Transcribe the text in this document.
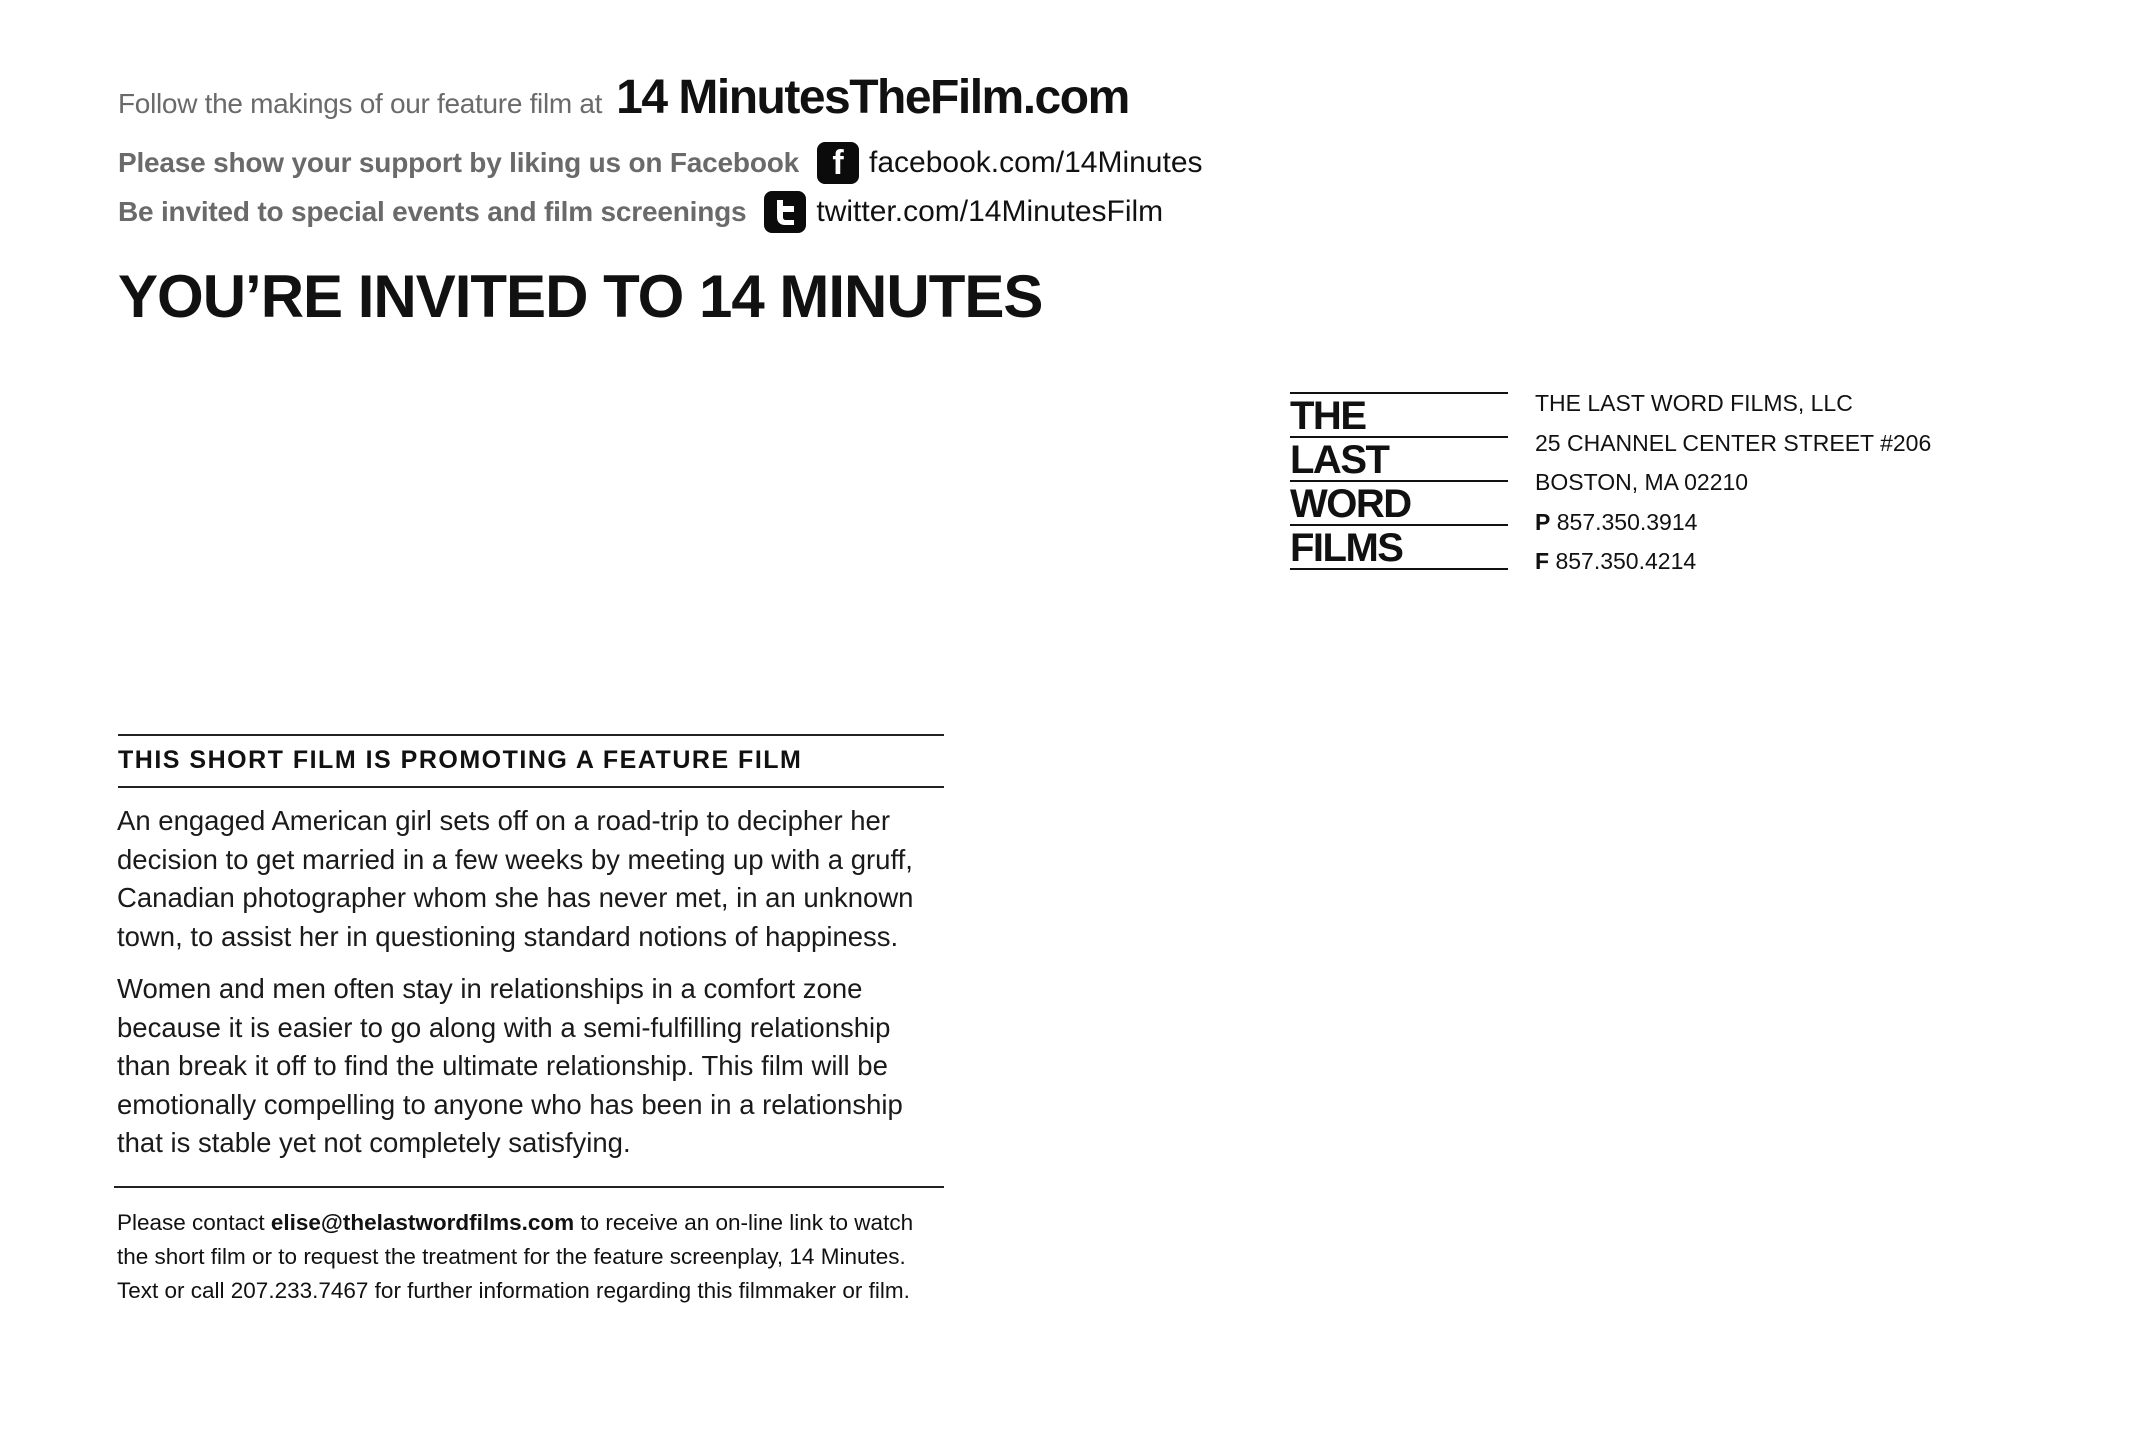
Follow the makings of our feature film at 14 MinutesTheFilm.com
Please show your support by liking us on Facebook f facebook.com/14Minutes
Be invited to special events and film screenings twitter.com/14MinutesFilm
YOU’RE INVITED TO 14 MINUTES
THE
LAST
WORD
FILMS
THE LAST WORD FILMS, LLC
25 CHANNEL CENTER STREET #206
BOSTON, MA 02210
P 857.350.3914
F 857.350.4214
THIS SHORT FILM IS PROMOTING A FEATURE FILM

An engaged American girl sets off on a road-trip to decipher her decision to get married in a few weeks by meeting up with a gruff, Canadian photographer whom she has never met, in an unknown town, to assist her in questioning standard notions of happiness.

Women and men often stay in relationships in a comfort zone because it is easier to go along with a semi-fulfilling relationship than break it off to find the ultimate relationship. This film will be emotionally compelling to anyone who has been in a relationship that is stable yet not completely satisfying.

Please contact elise@thelastwordfilms.com to receive an on-line link to watch the short film or to request the treatment for the feature screenplay, 14 Minutes. Text or call 207.233.7467 for further information regarding this filmmaker or film.
